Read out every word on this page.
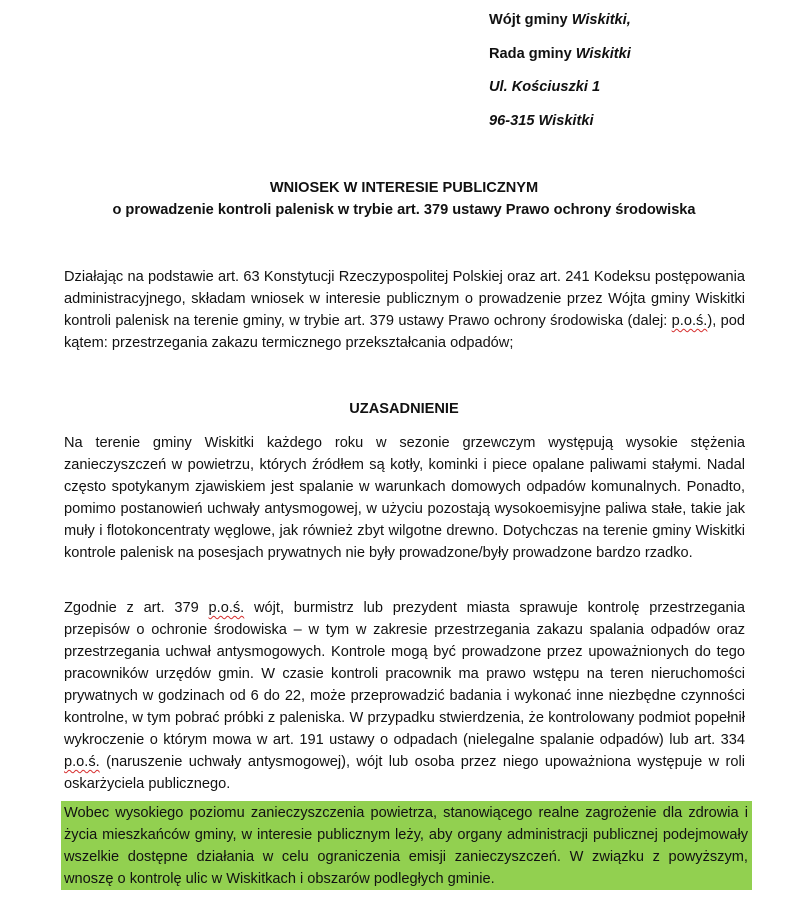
Wójt gminy Wiskitki,
Rada gminy Wiskitki
Ul. Kościuszki 1
96-315 Wiskitki
WNIOSEK W INTERESIE PUBLICZNYM
o prowadzenie kontroli palenisk w trybie art. 379 ustawy Prawo ochrony środowiska
Działając na podstawie art. 63 Konstytucji Rzeczypospolitej Polskiej oraz art. 241 Kodeksu postępowania administracyjnego, składam wniosek w interesie publicznym o prowadzenie przez Wójta gminy Wiskitki kontroli palenisk na terenie gminy, w trybie art. 379 ustawy Prawo ochrony środowiska (dalej: p.o.ś.), pod kątem: przestrzegania zakazu termicznego przekształcania odpadów;
UZASADNIENIE
Na terenie gminy Wiskitki każdego roku w sezonie grzewczym występują wysokie stężenia zanieczyszczeń w powietrzu, których źródłem są kotły, kominki i piece opalane paliwami stałymi. Nadal często spotykanym zjawiskiem jest spalanie w warunkach domowych odpadów komunalnych. Ponadto, pomimo postanowień uchwały antysmogowej, w użyciu pozostają wysokoemisyjne paliwa stałe, takie jak muły i flotokoncentraty węglowe, jak również zbyt wilgotne drewno. Dotychczas na terenie gminy Wiskitki kontrole palenisk na posesjach prywatnych nie były prowadzone/były prowadzone bardzo rzadko.
Zgodnie z art. 379 p.o.ś. wójt, burmistrz lub prezydent miasta sprawuje kontrolę przestrzegania przepisów o ochronie środowiska – w tym w zakresie przestrzegania zakazu spalania odpadów oraz przestrzegania uchwał antysmogowych. Kontrole mogą być prowadzone przez upoważnionych do tego pracowników urzędów gmin. W czasie kontroli pracownik ma prawo wstępu na teren nieruchomości prywatnych w godzinach od 6 do 22, może przeprowadzić badania i wykonać inne niezbędne czynności kontrolne, w tym pobrać próbki z paleniska. W przypadku stwierdzenia, że kontrolowany podmiot popełnił wykroczenie o którym mowa w art. 191 ustawy o odpadach (nielegalne spalanie odpadów) lub art. 334 p.o.ś. (naruszenie uchwały antysmogowej), wójt lub osoba przez niego upoważniona występuje w roli oskarżyciela publicznego.
Wobec wysokiego poziomu zanieczyszczenia powietrza, stanowiącego realne zagrożenie dla zdrowia i życia mieszkańców gminy, w interesie publicznym leży, aby organy administracji publicznej podejmowały wszelkie dostępne działania w celu ograniczenia emisji zanieczyszczeń. W związku z powyższym, wnoszę o kontrolę ulic w Wiskitkach i obszarów podległych gminie.
